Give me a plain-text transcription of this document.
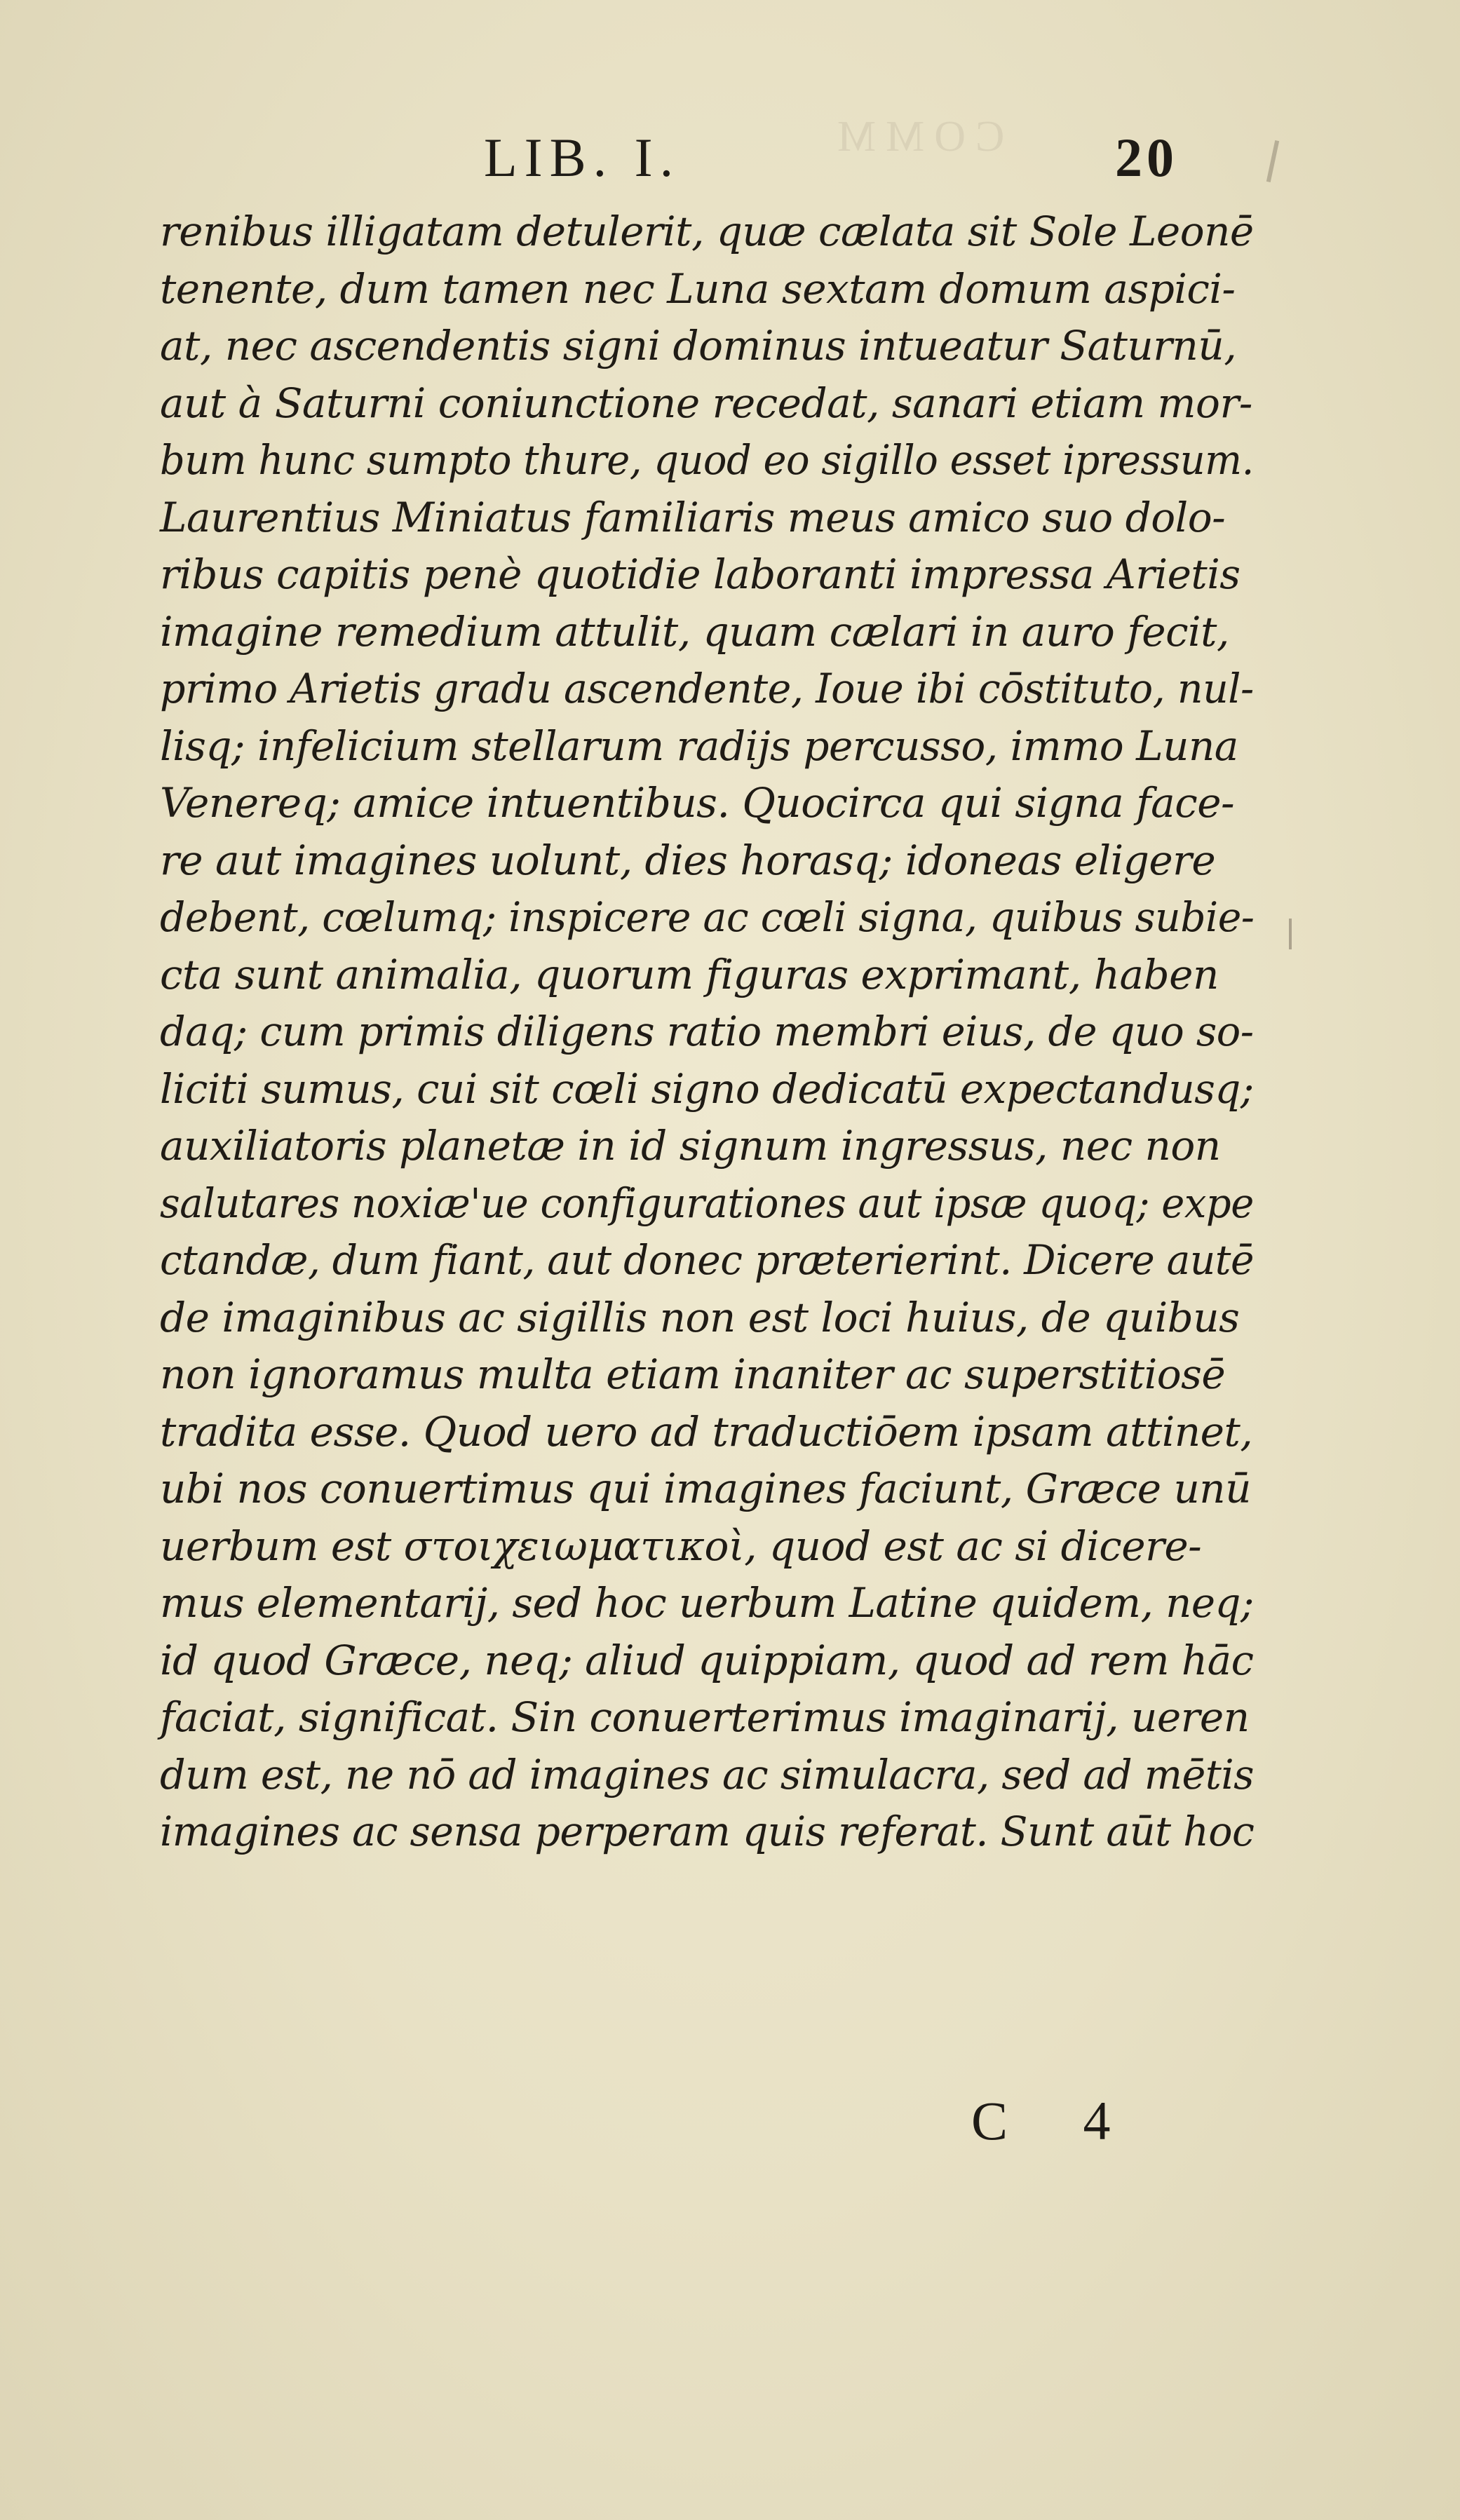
COMM
LIB. I.	20
renibus illigatam detulerit, quæ cælata sit Sole Leonē
tenente, dum tamen nec Luna sextam domum aspici-
at, nec ascendentis signi dominus intueatur Saturnū,
aut à Saturni coniunctione recedat, sanari etiam mor-
bum hunc sumpto thure, quod eo sigillo esset ipressum.
Laurentius Miniatus familiaris meus amico suo dolo-
ribus capitis penè quotidie laboranti impressa Arietis
imagine remedium attulit, quam cælari in auro fecit,
primo Arietis gradu ascendente, Ioue ibi cōstituto, nul-
lisq; infelicium stellarum radijs percusso, immo Luna
Venereq; amice intuentibus. Quocirca qui signa face-
re aut imagines uolunt, dies horasq; idoneas eligere
debent, cœlumq; inspicere ac cœli signa, quibus subie-
cta sunt animalia, quorum figuras exprimant, haben
daq; cum primis diligens ratio membri eius, de quo so-
liciti sumus, cui sit cœli signo dedicatū expectandusq;
auxiliatoris planetæ in id signum ingressus, nec non
salutares noxiæ'ue configurationes aut ipsæ quoq; expe
ctandæ, dum fiant, aut donec præterierint. Dicere autē
de imaginibus ac sigillis non est loci huius, de quibus
non ignoramus multa etiam inaniter ac superstitiosē
tradita esse. Quod uero ad traductiōem ipsam attinet,
ubi nos conuertimus qui imagines faciunt, Græce unū
uerbum est στοιχειωματικοὶ, quod est ac si dicere-
mus elementarij, sed hoc uerbum Latine quidem, neq;
id quod Græce, neq; aliud quippiam, quod ad rem hāc
faciat, significat. Sin conuerterimus imaginarij, ueren
dum est, ne nō ad imagines ac simulacra, sed ad mētis
imagines ac sensa perperam quis referat. Sunt aūt hoc
C 4
